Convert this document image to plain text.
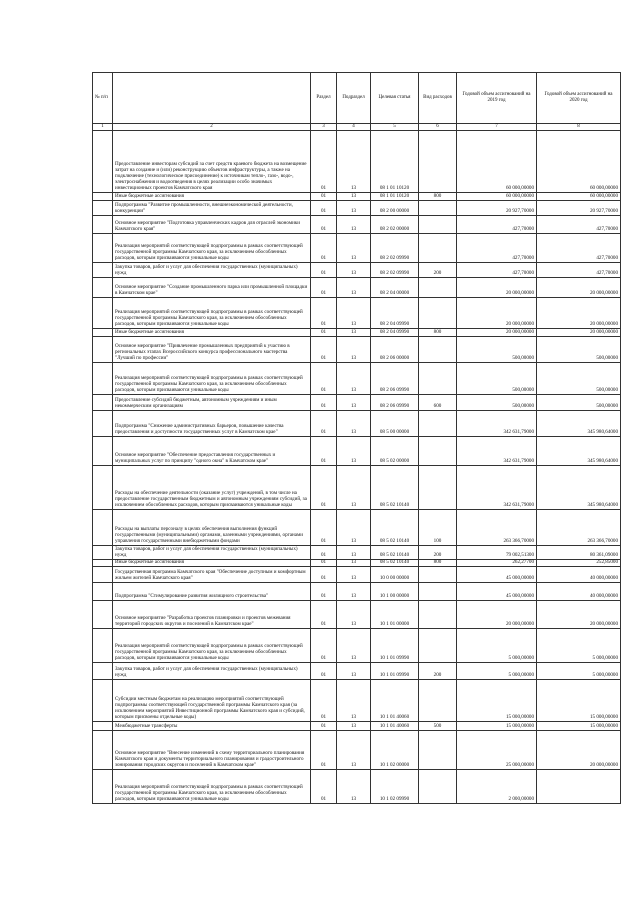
№ п/п		Раздел	Подраздел	Целевая статья	Вид расходов	Годовой объем ассигнований на 2019 год	Годовой объем ассигнований на 2020 год
1	2	3	4	5	6	7	8
	Предоставление инвесторам субсидий за счет средств краевого бюджета на возмещение затрат на создание и (или) реконструкцию объектов инфраструктуры, а также на подключение (технологическое присоединение) к источникам тепло-, газо-, водо-, электроснабжения и водоотведения в целях реализации особо значимых инвестиционных проектов Камчатского края	01	13	08 1 01 10120		60 000,00000	60 000,00000
	Иные бюджетные ассигнования	01	13	08 1 01 10120	800	60 000,00000	60 000,00000
	Подпрограмма "Развитие промышленности, внешнеэкономической деятельности, конкуренции"	01	13	08 2 00 00000		20 927,70000	20 927,70000
	Основное мероприятие "Подготовка управленческих кадров для отраслей экономики Камчатского края"	01	13	08 2 02 00000		427,70000	427,70000
	Реализация мероприятий соответствующей подпрограммы в рамках соответствующей государственной программы Камчатского края, за исключением обособленных расходов, которым присваиваются уникальные коды	01	13	08 2 02 09990		427,70000	427,70000
	Закупка товаров, работ и услуг для обеспечения государственных (муниципальных) нужд	01	13	08 2 02 09990	200	427,70000	427,70000
	Основное мероприятие "Создание промышленного парка или промышленной площадки в Камчатском крае"	01	13	08 2 04 00000		20 000,00000	20 000,00000
	Реализация мероприятий соответствующей подпрограммы в рамках соответствующей государственной программы Камчатского края, за исключением обособленных расходов, которым присваиваются уникальные коды	01	13	08 2 04 09990		20 000,00000	20 000,00000
	Иные бюджетные ассигнования	01	13	08 2 04 09990	800	20 000,00000	20 000,00000
	Основное мероприятие "Привлечение промышленных предприятий к участию в региональных этапах Всероссийского конкурса профессионального мастерства "Лучший по профессии"	01	13	08 2 06 00000		500,00000	500,00000
	Реализация мероприятий соответствующей подпрограммы в рамках соответствующей государственной программы Камчатского края, за исключением обособленных расходов, которым присваиваются уникальные коды	01	13	08 2 06 09990		500,00000	500,00000
	Предоставление субсидий бюджетным, автономным учреждениям и иным некоммерческим организациям	01	13	08 2 06 09990	600	500,00000	500,00000
	Подпрограмма "Снижение административных барьеров, повышение качества предоставления и доступности государственных услуг в Камчатском крае"	01	13	08 5 00 00000		342 631,79000	345 980,64000
	Основное мероприятие "Обеспечение предоставления государственных и муниципальных услуг по принципу "одного окна" в Камчатском крае"	01	13	08 5 02 00000		342 631,79000	345 980,64000
	Расходы на обеспечение деятельности (оказание услуг) учреждений, в том числе на предоставление государственным бюджетным и автономным учреждениям субсидий, за исключением обособленных расходов, которым присваиваются уникальные коды	01	13	08 5 02 10140		342 631,79000	345 980,64000
	Расходы на выплаты персоналу в целях обеспечения выполнения функций государственными (муниципальными) органами, казенными учреждениями, органами управления государственными внебюджетными фондами	01	13	08 5 02 10140	100	263 366,70000	263 366,70000
	Закупка товаров, работ и услуг для обеспечения государственных (муниципальных) нужд	01	13	08 5 02 10140	200	79 002,51300	80 361,09000
	Иные бюджетные ассигнования	01	13	08 5 02 10140	800	262,27700	252,85000
	Государственная программа Камчатского края "Обеспечение доступным и комфортным жильем жителей Камчатского края"	01	13	10 0 00 00000		45 000,00000	40 000,00000
	Подпрограмма "Стимулирование развития жилищного строительства"	01	13	10 1 00 00000		45 000,00000	40 000,00000
	Основное мероприятие "Разработка проектов планировки и проектов межевания территорий городских округов и поселений в Камчатском крае"	01	13	10 1 01 00000		20 000,00000	20 000,00000
	Реализация мероприятий соответствующей подпрограммы в рамках соответствующей государственной программы Камчатского края, за исключением обособленных расходов, которым присваиваются уникальные коды	01	13	10 1 01 09990		5 000,00000	5 000,00000
	Закупка товаров, работ и услуг для обеспечения государственных (муниципальных) нужд	01	13	10 1 01 09990	200	5 000,00000	5 000,00000
	Субсидии местным бюджетам на реализацию мероприятий соответствующей подпрограммы соответствующей государственной программы Камчатского края (за исключением мероприятий Инвестиционной программы Камчатского края и субсидий, которым присвоены отдельные коды)	01	13	10 1 01 40060		15 000,00000	15 000,00000
	Межбюджетные трансферты	01	13	10 1 01 40060	500	15 000,00000	15 000,00000
	Основное мероприятие "Внесение изменений в схему территориального планирования Камчатского края и документы территориального планирования и градостроительного зонирования городских округов и поселений в Камчатском крае"	01	13	10 1 02 00000		25 000,00000	20 000,00000
	Реализация мероприятий соответствующей подпрограммы в рамках соответствующей государственной программы Камчатского края, за исключением обособленных расходов, которым присваиваются уникальные коды	01	13	10 1 02 09990		2 000,00000	
